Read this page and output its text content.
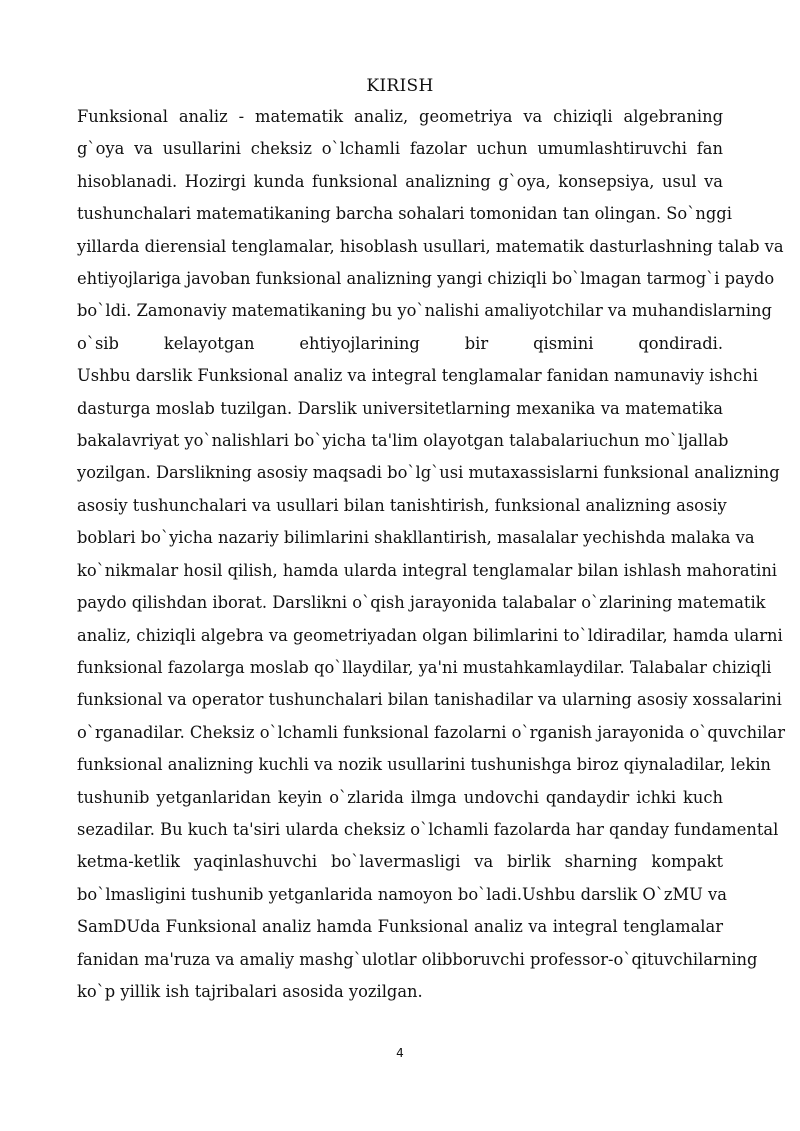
KIRISH
Funksional analiz - matematik analiz, geometriya va chiziqli algebraning
g`oya va usullarini cheksiz o`lchamli fazolar uchun umumlashtiruvchi fan
hisoblanadi. Hozirgi kunda funksional analizning g`oya, konsepsiya, usul va
tushunchalari matematikaning barcha sohalari tomonidan tan olingan. So`nggi
yillarda dierensial tenglamalar, hisoblash usullari, matematik dasturlashning talab va
ehtiyojlariga javoban funksional analizning yangi chiziqli bo`lmagan tarmog`i paydo
bo`ldi. Zamonaviy matematikaning bu yo`nalishi amaliyotchilar va muhandislarning
o`sib kelayotgan ehtiyojlarining bir qismini qondiradi.
Ushbu darslik Funksional analiz va integral tenglamalar fanidan namunaviy ishchi
dasturga moslab tuzilgan. Darslik universitetlarning mexanika va matematika
bakalavriyat yo`nalishlari bo`yicha ta'lim olayotgan talabalariuchun mo`ljallab
yozilgan. Darslikning asosiy maqsadi bo`lg`usi mutaxassislarni funksional analizning
asosiy tushunchalari va usullari bilan tanishtirish, funksional analizning asosiy
boblari bo`yicha nazariy bilimlarini shakllantirish, masalalar yechishda malaka va
ko`nikmalar hosil qilish, hamda ularda integral tenglamalar bilan ishlash mahoratini
paydo qilishdan iborat. Darslikni o`qish jarayonida talabalar o`zlarining matematik
analiz, chiziqli algebra va geometriyadan olgan bilimlarini to`ldiradilar, hamda ularni
funksional fazolarga moslab qo`llaydilar, ya'ni mustahkamlaydilar. Talabalar chiziqli
funksional va operator tushunchalari bilan tanishadilar va ularning asosiy xossalarini
o`rganadilar. Cheksiz o`lchamli funksional fazolarni o`rganish jarayonida o`quvchilar
funksional analizning kuchli va nozik usullarini tushunishga biroz qiynaladilar, lekin
tushunib yetganlaridan keyin o`zlarida ilmga undovchi qandaydir ichki kuch
sezadilar. Bu kuch ta'siri ularda cheksiz o`lchamli fazolarda har qanday fundamental
ketma-ketlik yaqinlashuvchi bo`lavermasligi va birlik sharning kompakt
bo`lmasligini tushunib yetganlarida namoyon bo`ladi.Ushbu darslik O`zMU va
SamDUda Funksional analiz hamda Funksional analiz va integral tenglamalar
fanidan ma'ruza va amaliy mashg`ulotlar olibboruvchi professor-o`qituvchilarning
ko`p yillik ish tajribalari asosida yozilgan.
4
